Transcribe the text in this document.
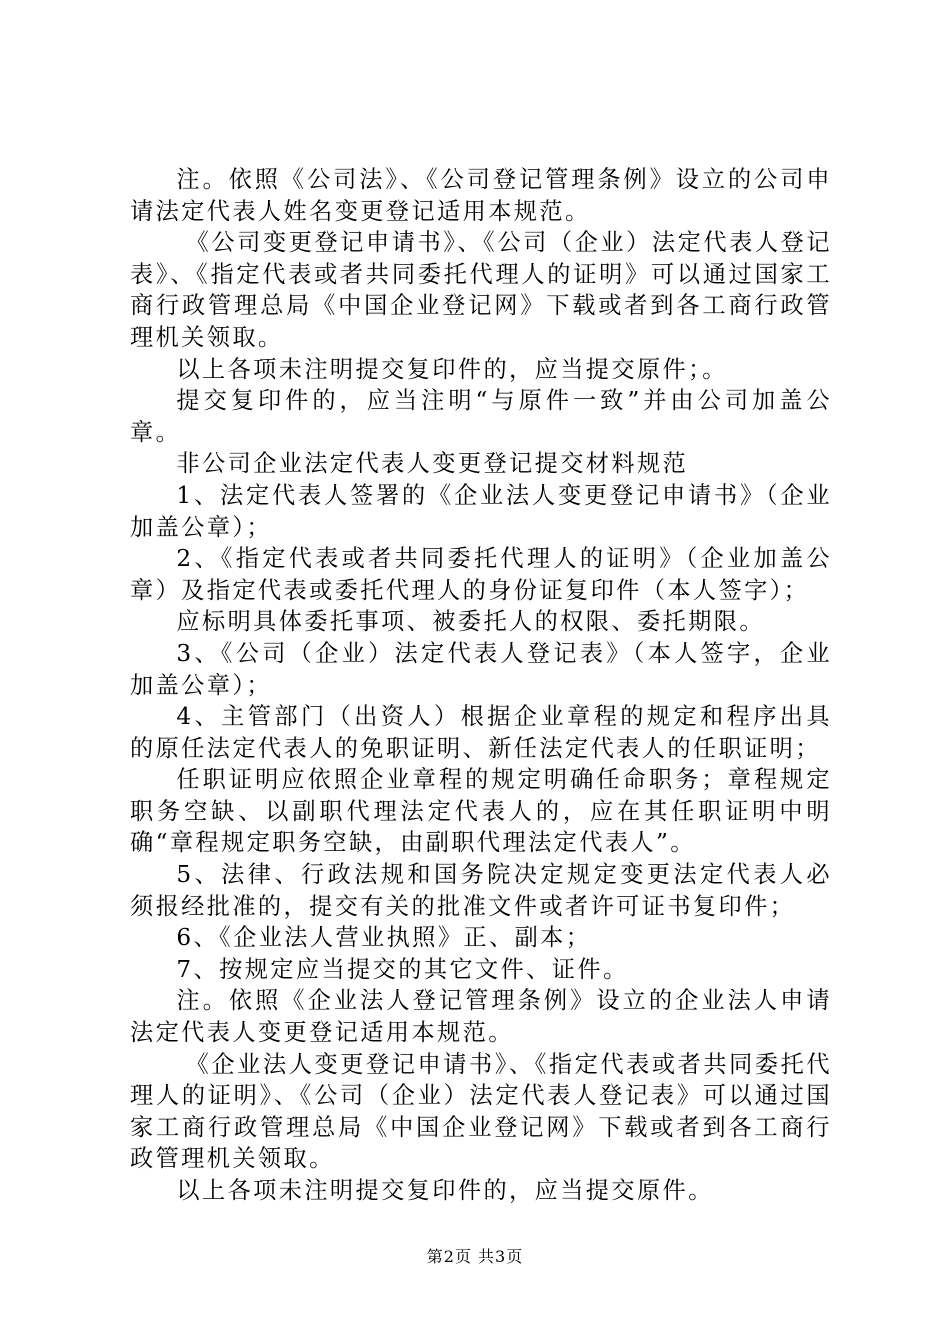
注。依照《公司法》、《公司登记管理条例》设立的公司申请法定代表人姓名变更登记适用本规范。

《公司变更登记申请书》、《公司（企业）法定代表人登记表》、《指定代表或者共同委托代理人的证明》可以通过国家工商行政管理总局《中国企业登记网》下载或者到各工商行政管理机关领取。

以上各项未注明提交复印件的，应当提交原件；。

提交复印件的，应当注明“与原件一致”并由公司加盖公章。

非公司企业法定代表人变更登记提交材料规范

1、法定代表人签署的《企业法人变更登记申请书》（企业加盖公章）；

2、《指定代表或者共同委托代理人的证明》（企业加盖公章）及指定代表或委托代理人的身份证复印件（本人签字）；

应标明具体委托事项、被委托人的权限、委托期限。

3、《公司（企业）法定代表人登记表》（本人签字，企业加盖公章）；

4、主管部门（出资人）根据企业章程的规定和程序出具的原任法定代表人的免职证明、新任法定代表人的任职证明；

任职证明应依照企业章程的规定明确任命职务；章程规定职务空缺、以副职代理法定代表人的，应在其任职证明中明确“章程规定职务空缺，由副职代理法定代表人”。

5、法律、行政法规和国务院决定规定变更法定代表人必须报经批准的，提交有关的批准文件或者许可证书复印件；

6、《企业法人营业执照》正、副本；

7、按规定应当提交的其它文件、证件。

注。依照《企业法人登记管理条例》设立的企业法人申请法定代表人变更登记适用本规范。

《企业法人变更登记申请书》、《指定代表或者共同委托代理人的证明》、《公司（企业）法定代表人登记表》可以通过国家工商行政管理总局《中国企业登记网》下载或者到各工商行政管理机关领取。

以上各项未注明提交复印件的，应当提交原件。

第2页 共3页
